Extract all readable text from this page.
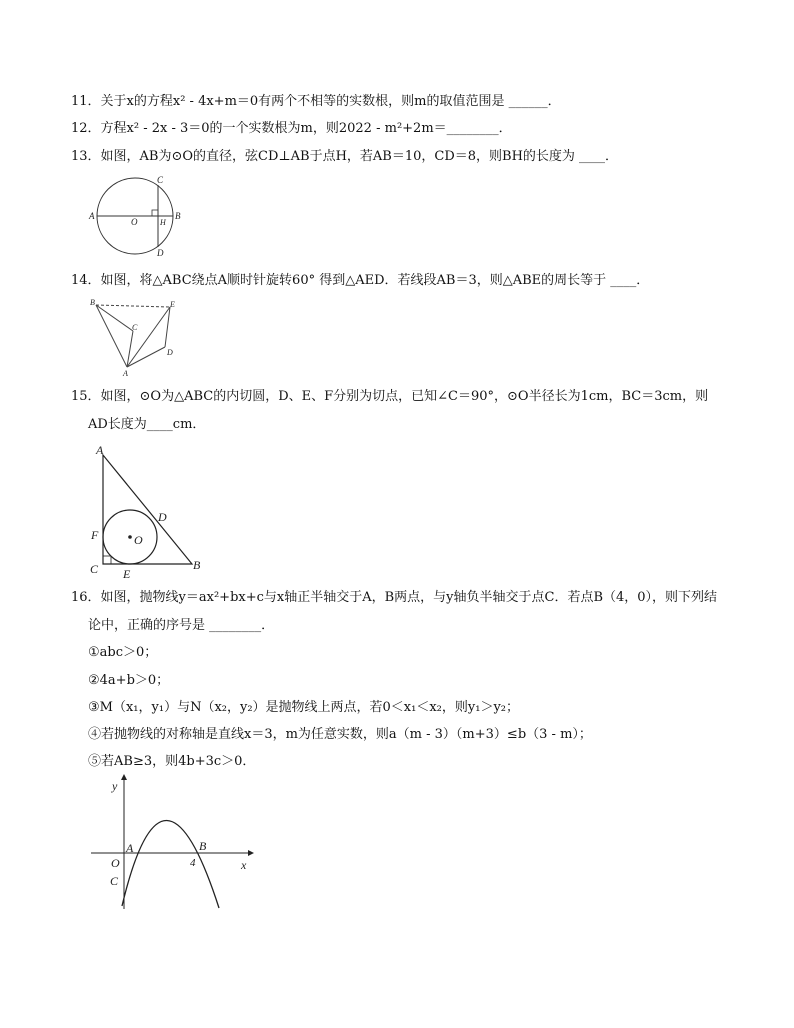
11．关于x的方程x² - 4x+m＝0有两个不相等的实数根，则m的取值范围是 ______．
12．方程x² - 2x - 3＝0的一个实数根为m，则2022 - m²+2m＝________．
13．如图，AB为⊙O的直径，弦CD⊥AB于点H，若AB＝10，CD＝8，则BH的长度为 ____．
A	B
C
D
O	H
14．如图，将△ABC绕点A顺时针旋转60° 得到△AED．若线段AB＝3，则△ABE的周长等于 ____．
B	E
C
D
A
15．如图，⊙O为△ABC的内切圆，D、E、F分别为切点，已知∠C＝90°，⊙O半径长为1cm，BC＝3cm，则
AD长度为____cm．
A
B
C
D
E
F	O
16．如图，抛物线y＝ax²+bx+c与x轴正半轴交于A，B两点，与y轴负半轴交于点C．若点B（4，0），则下列结
论中，正确的序号是 ________．
①abc＞0；
②4a+b＞0；
③M（x₁，y₁）与N（x₂，y₂）是抛物线上两点，若0＜x₁＜x₂，则y₁＞y₂；
④若抛物线的对称轴是直线x＝3，m为任意实数，则a（m - 3）（m+3）≤b（3 - m）；
⑤若AB≥3，则4b+3c＞0．
y
x
A	B
O
C
4
